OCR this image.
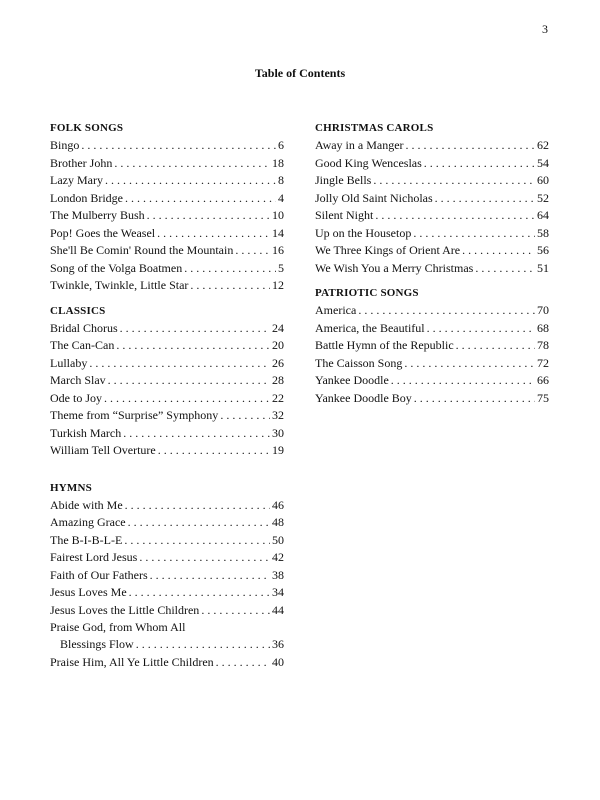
3
Table of Contents
FOLK SONGS
Bingo . . .	6
Brother John . . .	18
Lazy Mary . . .	8
London Bridge . . .	4
The Mulberry Bush . . .	10
Pop! Goes the Weasel . . .	14
She'll Be Comin' Round the Mountain . . .	16
Song of the Volga Boatmen . . .	5
Twinkle, Twinkle, Little Star . . .	12
CLASSICS
Bridal Chorus . . .	24
The Can-Can . . .	20
Lullaby . . .	26
March Slav . . .	28
Ode to Joy . . .	22
Theme from “Surprise” Symphony . . .	32
Turkish March . . .	30
William Tell Overture . . .	19
HYMNS
Abide with Me . . .	46
Amazing Grace . . .	48
The B-I-B-L-E . . .	50
Fairest Lord Jesus . . .	42
Faith of Our Fathers . . .	38
Jesus Loves Me . . .	34
Jesus Loves the Little Children . . .	44
Praise God, from Whom All
Blessings Flow . . .	36
Praise Him, All Ye Little Children . . .	40
CHRISTMAS CAROLS
Away in a Manger . . .	62
Good King Wenceslas . . .	54
Jingle Bells . . .	60
Jolly Old Saint Nicholas . . .	52
Silent Night . . .	64
Up on the Housetop . . .	58
We Three Kings of Orient Are . . .	56
We Wish You a Merry Christmas . . .	51
PATRIOTIC SONGS
America . . .	70
America, the Beautiful . . .	68
Battle Hymn of the Republic . . .	78
The Caisson Song . . .	72
Yankee Doodle . . .	66
Yankee Doodle Boy . . .	75
